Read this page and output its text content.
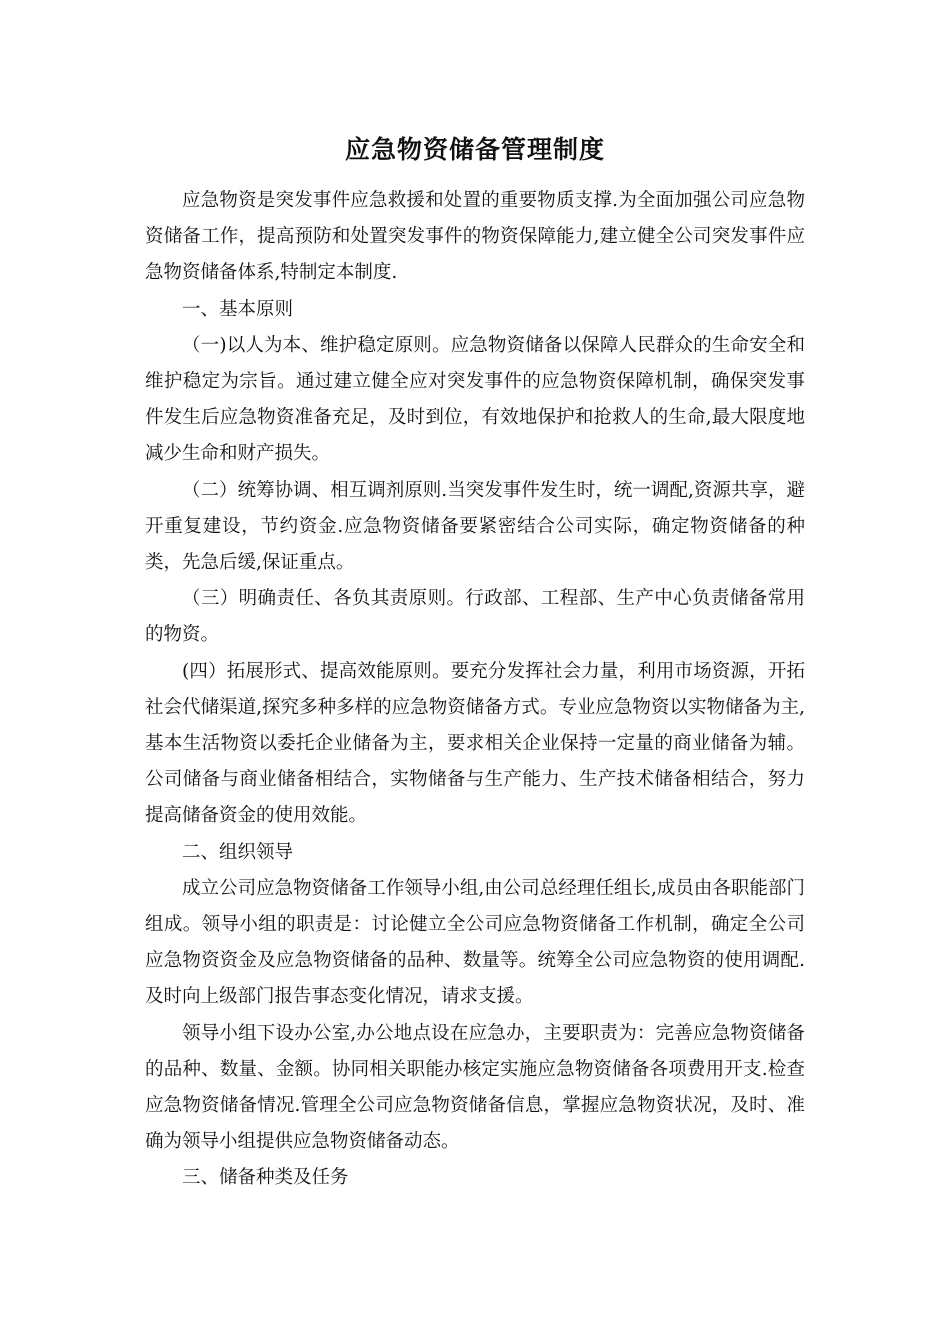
应急物资储备管理制度

应急物资是突发事件应急救援和处置的重要物质支撑.为全面加强公司应急物资储备工作，提高预防和处置突发事件的物资保障能力,建立健全公司突发事件应急物资储备体系,特制定本制度.

一、基本原则

（一)以人为本、维护稳定原则。应急物资储备以保障人民群众的生命安全和维护稳定为宗旨。通过建立健全应对突发事件的应急物资保障机制，确保突发事件发生后应急物资准备充足，及时到位，有效地保护和抢救人的生命,最大限度地减少生命和财产损失。

（二）统筹协调、相互调剂原则.当突发事件发生时，统一调配,资源共享，避开重复建设，节约资金.应急物资储备要紧密结合公司实际，确定物资储备的种类，先急后缓,保证重点。

（三）明确责任、各负其责原则。行政部、工程部、生产中心负责储备常用的物资。

(四）拓展形式、提高效能原则。要充分发挥社会力量，利用市场资源，开拓社会代储渠道,探究多种多样的应急物资储备方式。专业应急物资以实物储备为主,基本生活物资以委托企业储备为主，要求相关企业保持一定量的商业储备为辅。公司储备与商业储备相结合，实物储备与生产能力、生产技术储备相结合，努力提高储备资金的使用效能。

二、组织领导

成立公司应急物资储备工作领导小组,由公司总经理任组长,成员由各职能部门组成。领导小组的职责是：讨论健立全公司应急物资储备工作机制，确定全公司应急物资资金及应急物资储备的品种、数量等。统筹全公司应急物资的使用调配.及时向上级部门报告事态变化情况，请求支援。

领导小组下设办公室,办公地点设在应急办，主要职责为：完善应急物资储备的品种、数量、金额。协同相关职能办核定实施应急物资储备各项费用开支.检查应急物资储备情况.管理全公司应急物资储备信息，掌握应急物资状况，及时、准确为领导小组提供应急物资储备动态。

三、储备种类及任务
